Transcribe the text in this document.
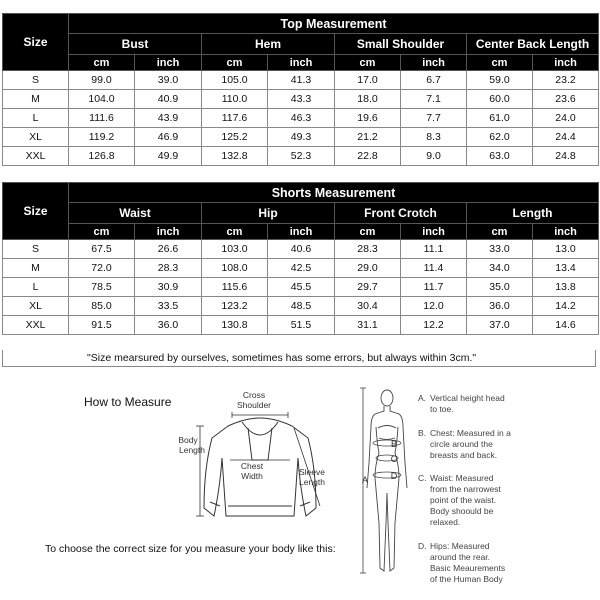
Size	Top Measurement							
	Bust		Hem		Small Shoulder		Center Back Length	
	cm	inch	cm	inch	cm	inch	cm	inch
S	99.0	39.0	105.0	41.3	17.0	6.7	59.0	23.2
M	104.0	40.9	110.0	43.3	18.0	7.1	60.0	23.6
L	111.6	43.9	117.6	46.3	19.6	7.7	61.0	24.0
XL	119.2	46.9	125.2	49.3	21.2	8.3	62.0	24.4
XXL	126.8	49.9	132.8	52.3	22.8	9.0	63.0	24.8
Size	Shorts Measurement							
	Waist		Hip		Front Crotch		Length	
	cm	inch	cm	inch	cm	inch	cm	inch
S	67.5	26.6	103.0	40.6	28.3	11.1	33.0	13.0
M	72.0	28.3	108.0	42.5	29.0	11.4	34.0	13.4
L	78.5	30.9	115.6	45.5	29.7	11.7	35.0	13.8
XL	85.0	33.5	123.2	48.5	30.4	12.0	36.0	14.2
XXL	91.5	36.0	130.8	51.5	31.1	12.2	37.0	14.6
"Size mearsured by ourselves, sometimes has some errors, but always within 3cm."
How to Measure
To choose the correct size for you measure your body like this:
Cross
Shoulder
Body
Length
Chest
Width	Sleeve
Length	A
B
C
D
A. Vertical height head
to toe.
B. Chest: Measured in a
circle around the
breasts and back.
C. Waist: Measured
from the narrowest
point of the waist.
Body shoould be
relaxed.
D. Hips: Measured
around the rear.
Basic Meaurements
of the Human Body
